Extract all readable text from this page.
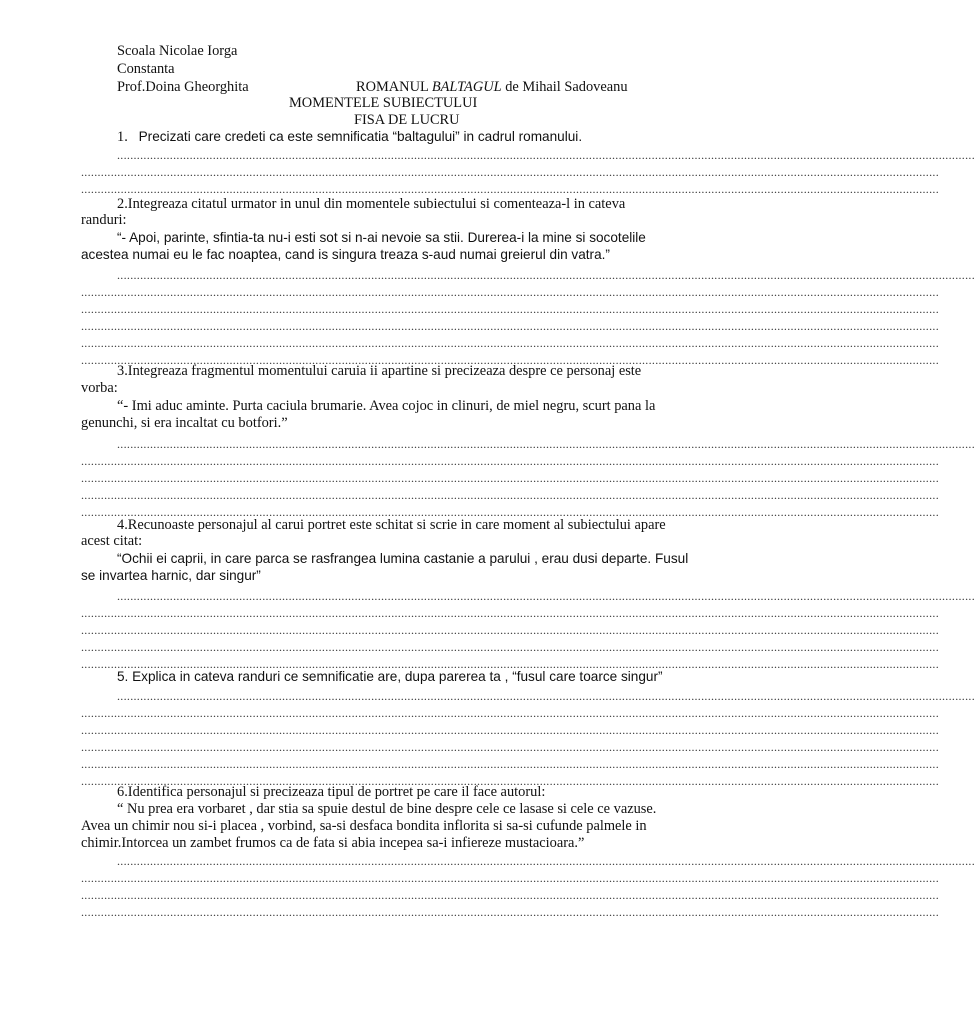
Scoala Nicolae Iorga
Constanta
Prof.Doina Gheorghita	ROMANUL BALTAGUL de Mihail Sadoveanu
MOMENTELE SUBIECTULUI
FISA DE LUCRU
1. Precizati care credeti ca este semnificatia “baltagului” in cadrul romanului.
....................................................................................................................................................................................................................................................................
....................................................................................................................................................................................................................................................................
....................................................................................................................................................................................................................................................................
2.Integreaza citatul urmator in unul din momentele subiectului si comenteaza-l in cateva
randuri:
“- Apoi, parinte, sfintia-ta nu-i esti sot si n-ai nevoie sa stii. Durerea-i la mine si socotelile
acestea numai eu le fac noaptea, cand is singura treaza s-aud numai greierul din vatra.”
....................................................................................................................................................................................................................................................................
....................................................................................................................................................................................................................................................................
....................................................................................................................................................................................................................................................................
....................................................................................................................................................................................................................................................................
....................................................................................................................................................................................................................................................................
....................................................................................................................................................................................................................................................................
3.Integreaza fragmentul momentului caruia ii apartine si precizeaza despre ce personaj este
vorba:
“- Imi aduc aminte. Purta caciula brumarie. Avea cojoc in clinuri, de miel negru, scurt pana la
genunchi, si era incaltat cu botfori.”
....................................................................................................................................................................................................................................................................
....................................................................................................................................................................................................................................................................
....................................................................................................................................................................................................................................................................
....................................................................................................................................................................................................................................................................
....................................................................................................................................................................................................................................................................
4.Recunoaste personajul al carui portret este schitat si scrie in care moment al subiectului apare
acest citat:
“Ochii ei caprii, in care parca se rasfrangea lumina castanie a parului , erau dusi departe. Fusul
se invartea harnic, dar singur”
....................................................................................................................................................................................................................................................................
....................................................................................................................................................................................................................................................................
....................................................................................................................................................................................................................................................................
....................................................................................................................................................................................................................................................................
....................................................................................................................................................................................................................................................................
5. Explica in cateva randuri ce semnificatie are, dupa parerea ta , “fusul care toarce singur”
....................................................................................................................................................................................................................................................................
....................................................................................................................................................................................................................................................................
....................................................................................................................................................................................................................................................................
....................................................................................................................................................................................................................................................................
....................................................................................................................................................................................................................................................................
....................................................................................................................................................................................................................................................................
6.Identifica personajul si precizeaza tipul de portret pe care il face autorul:
“ Nu prea era vorbaret , dar stia sa spuie destul de bine despre cele ce lasase si cele ce vazuse.
Avea un chimir nou si-i placea , vorbind, sa-si desfaca bondita inflorita si sa-si cufunde palmele in
chimir.Intorcea un zambet frumos ca de fata si abia incepea sa-i infiereze mustacioara.”
....................................................................................................................................................................................................................................................................
....................................................................................................................................................................................................................................................................
....................................................................................................................................................................................................................................................................
....................................................................................................................................................................................................................................................................
